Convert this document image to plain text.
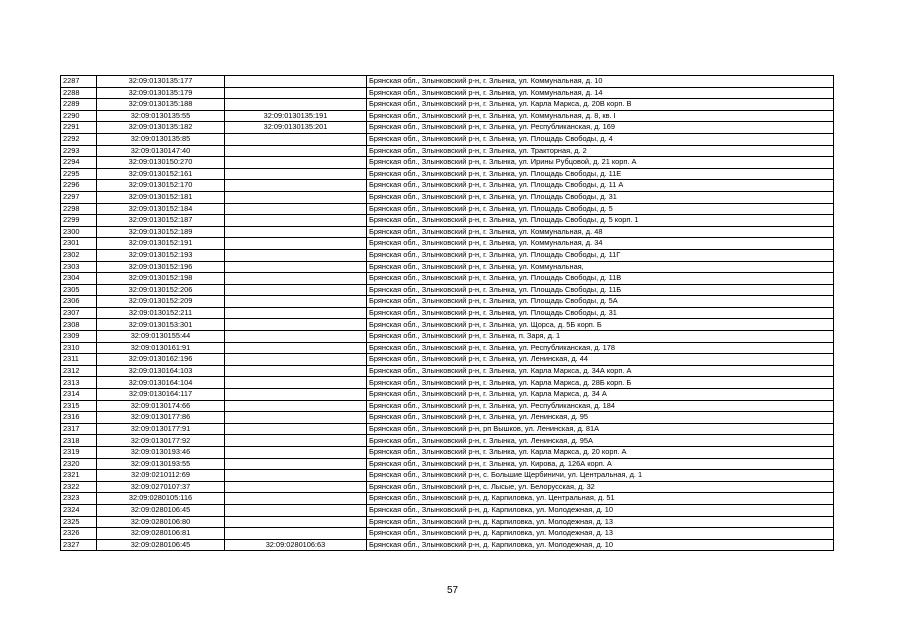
2287	32:09:0130135:177		Брянская обл., Злынковский р-н, г. Злынка, ул. Коммунальная, д. 10
2288	32:09:0130135:179		Брянская обл., Злынковский р-н, г. Злынка, ул. Коммунальная, д. 14
2289	32:09:0130135:188		Брянская обл., Злынковский р-н, г. Злынка, ул. Карла Маркса, д. 20В корп. В
2290	32:09:0130135:55	32:09:0130135:191	Брянская обл., Злынковский р-н, г. Злынка, ул. Коммунальная, д. 8, кв. I
2291	32:09:0130135:182	32:09:0130135:201	Брянская обл., Злынковский р-н, г. Злынка, ул. Республиканская, д. 169
2292	32:09:0130135:85		Брянская обл., Злынковский р-н, г. Злынка, ул. Площадь Свободы, д. 4
2293	32:09:0130147:40		Брянская обл., Злынковский р-н, г. Злынка, ул. Тракторная, д. 2
2294	32:09:0130150:270		Брянская обл., Злынковский р-н, г. Злынка, ул. Ирины Рубцовой, д. 21 корп. А
2295	32:09:0130152:161		Брянская обл., Злынковский р-н, г. Злынка, ул. Площадь Свободы, д. 11Е
2296	32:09:0130152:170		Брянская обл., Злынковский р-н, г. Злынка, ул. Площадь Свободы, д. 11 А
2297	32:09:0130152:181		Брянская обл., Злынковский р-н, г. Злынка, ул. Площадь Свободы, д. 31
2298	32:09:0130152:184		Брянская обл., Злынковский р-н, г. Злынка, ул. Площадь Свободы, д. 5
2299	32:09:0130152:187		Брянская обл., Злынковский р-н, г. Злынка, ул. Площадь Свободы, д. 5 корп. 1
2300	32:09:0130152:189		Брянская обл., Злынковский р-н, г. Злынка, ул. Коммунальная, д. 48
2301	32:09:0130152:191		Брянская обл., Злынковский р-н, г. Злынка, ул. Коммунальная, д. 34
2302	32:09:0130152:193		Брянская обл., Злынковский р-н, г. Злынка, ул. Площадь Свободы, д. 11Г
2303	32:09:0130152:196		Брянская обл., Злынковский р-н, г. Злынка, ул. Коммунальная,
2304	32:09:0130152:198		Брянская обл., Злынковский р-н, г. Злынка, ул. Площадь Свободы, д. 11В
2305	32:09:0130152:206		Брянская обл., Злынковский р-н, г. Злынка, ул. Площадь Свободы, д. 11Б
2306	32:09:0130152:209		Брянская обл., Злынковский р-н, г. Злынка, ул. Площадь Свободы, д. 5А
2307	32:09:0130152:211		Брянская обл., Злынковский р-н, г. Злынка, ул. Площадь Свободы, д. 31
2308	32:09:0130153:301		Брянская обл., Злынковский р-н, г. Злынка, ул. Щорса, д. 5Б корп. Б
2309	32:09:0130155:44		Брянская обл., Злынковский р-н, г. Злынка, п. Заря, д. 1
2310	32:09:0130161:91		Брянская обл., Злынковский р-н, г. Злынка, ул. Республиканская, д. 178
2311	32:09:0130162:196		Брянская обл., Злынковский р-н, г. Злынка, ул. Ленинская, д. 44
2312	32:09:0130164:103		Брянская обл., Злынковский р-н, г. Злынка, ул. Карла Маркса, д. 34А корп. А
2313	32:09:0130164:104		Брянская обл., Злынковский р-н, г. Злынка, ул. Карла Маркса, д. 28Б корп. Б
2314	32:09:0130164:117		Брянская обл., Злынковский р-н, г. Злынка, ул. Карла Маркса, д. 34 А
2315	32:09:0130174:66		Брянская обл., Злынковский р-н, г. Злынка, ул. Республиканская, д. 184
2316	32:09:0130177:86		Брянская обл., Злынковский р-н, г. Злынка, ул. Ленинская, д. 95
2317	32:09:0130177:91		Брянская обл., Злынковский р-н, рп Вышков, ул. Ленинская, д. 81А
2318	32:09:0130177:92		Брянская обл., Злынковский р-н, г. Злынка, ул. Ленинская, д. 95А
2319	32:09:0130193:46		Брянская обл., Злынковский р-н, г. Злынка, ул. Карла Маркса, д. 20 корп. А
2320	32:09:0130193:55		Брянская обл., Злынковский р-н, г. Злынка, ул. Кирова, д. 126А корп. А
2321	32:09:0210112:69		Брянская обл., Злынковский р-н, с. Большие Щербиничи, ул. Центральная, д. 1
2322	32:09:0270107:37		Брянская обл., Злынковский р-н, с. Лысые, ул. Белорусская, д. 32
2323	32:09:0280105:116		Брянская обл., Злынковский р-н, д. Карпиловка, ул. Центральная, д. 51
2324	32:09:0280106:45		Брянская обл., Злынковский р-н, д. Карпиловка, ул. Молодежная, д. 10
2325	32:09:0280106:80		Брянская обл., Злынковский р-н, д. Карпиловка, ул. Молодежная, д. 13
2326	32:09:0280106:81		Брянская обл., Злынковский р-н, д. Карпиловка, ул. Молодежная, д. 13
2327	32:09:0280106:45	32:09:0280106:63	Брянская обл., Злынковский р-н, д. Карпиловка, ул. Молодежная, д. 10
57
